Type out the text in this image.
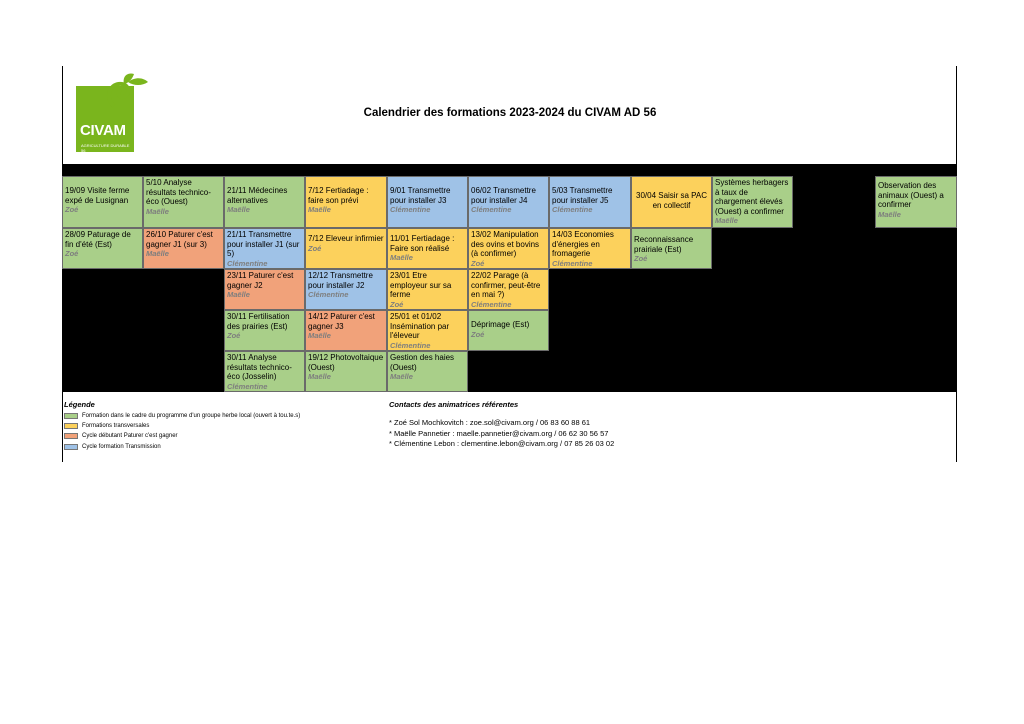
CIVAM
AGRICULTURE DURABLE 56
Calendrier des formations 2023-2024 du CIVAM AD 56
19/09 Visite ferme expé de Lusignan
Zoé
28/09 Paturage de fin d'été (Est)
Zoé
5/10 Analyse résultats technico-éco (Ouest)
Maëlle
26/10 Paturer c'est gagner J1 (sur 3)
Maëlle
21/11 Médecines alternatives
Maëlle
21/11 Transmettre pour installer J1 (sur 5)
Clémentine
23/11 Paturer c'est gagner J2
Maëlle
30/11 Fertilisation des prairies (Est)
Zoé
30/11 Analyse résultats technico-éco (Josselin)
Clémentine
7/12 Fertiadage : faire son prévi
Maëlle
7/12 Eleveur infirmier
Zoé
12/12 Transmettre pour installer J2
Clémentine
14/12 Paturer c'est gagner J3
Maëlle
19/12 Photovoltaique (Ouest)
Maëlle
9/01 Transmettre pour installer J3
Clémentine
11/01 Fertiadage : Faire son réalisé
Maëlle
23/01 Etre employeur sur sa ferme
Zoé
25/01 et 01/02 Insémination par l'éleveur
Clémentine
Gestion des haies (Ouest)
Maëlle
06/02 Transmettre pour installer J4
Clémentine
13/02 Manipulation des ovins et bovins (à confirmer)
Zoé
22/02 Parage (à confirmer, peut-être en mai ?)
Clémentine
Déprimage (Est)
Zoé
5/03 Transmettre pour installer J5
Clémentine
14/03 Economies d'énergies en fromagerie
Clémentine
30/04 Saisir sa PAC en collectif
Reconnaissance prairiale (Est)
Zoé
Systèmes herbagers à taux de chargement élevés (Ouest) a confirmer
Maëlle
Observation des animaux (Ouest) a confirmer
Maëlle
Légende
Formation dans le cadre du programme d'un groupe herbe local (ouvert à tou.te.s)
Formations transversales
Cycle débutant Paturer c'est gagner
Cycle formation Transmission
Contacts des animatrices référentes
* Zoé Sol Mochkovitch : zoe.sol@civam.org / 06 83 60 88 61
* Maëlle Pannetier : maelle.pannetier@civam.org / 06 62 30 56 57
* Clémentine Lebon : clementine.lebon@civam.org / 07 85 26 03 02
